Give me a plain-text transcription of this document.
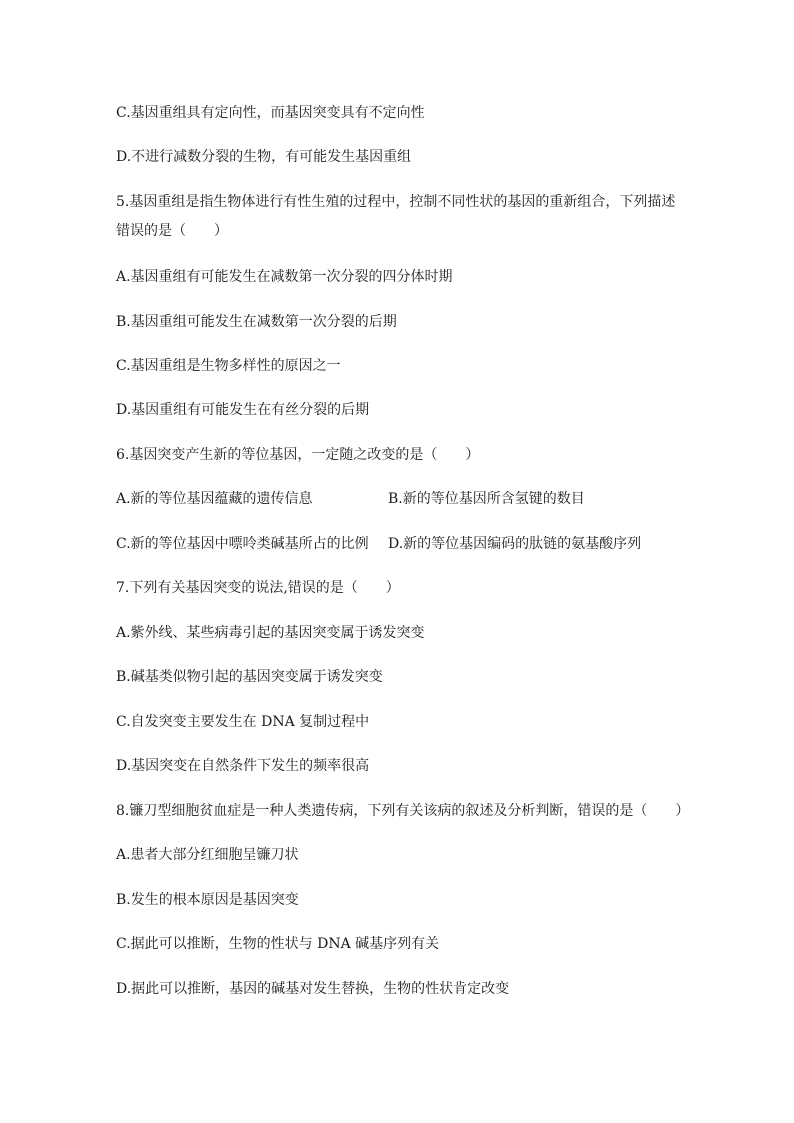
C.基因重组具有定向性，而基因突变具有不定向性
D.不进行减数分裂的生物，有可能发生基因重组
5.基因重组是指生物体进行有性生殖的过程中，控制不同性状的基因的重新组合，下列描述
错误的是（　　）
A.基因重组有可能发生在减数第一次分裂的四分体时期
B.基因重组可能发生在减数第一次分裂的后期
C.基因重组是生物多样性的原因之一
D.基因重组有可能发生在有丝分裂的后期
6.基因突变产生新的等位基因，一定随之改变的是（　　）
A.新的等位基因蕴藏的遗传信息	B.新的等位基因所含氢键的数目
C.新的等位基因中嘌呤类碱基所占的比例 D.新的等位基因编码的肽链的氨基酸序列
7.下列有关基因突变的说法,错误的是（　　）
A.紫外线、某些病毒引起的基因突变属于诱发突变
B.碱基类似物引起的基因突变属于诱发突变
C.自发突变主要发生在 DNA 复制过程中
D.基因突变在自然条件下发生的频率很高
8.镰刀型细胞贫血症是一种人类遗传病，下列有关该病的叙述及分析判断，错误的是（　　）
A.患者大部分红细胞呈镰刀状
B.发生的根本原因是基因突变
C.据此可以推断，生物的性状与 DNA 碱基序列有关
D.据此可以推断，基因的碱基对发生替换，生物的性状肯定改变
